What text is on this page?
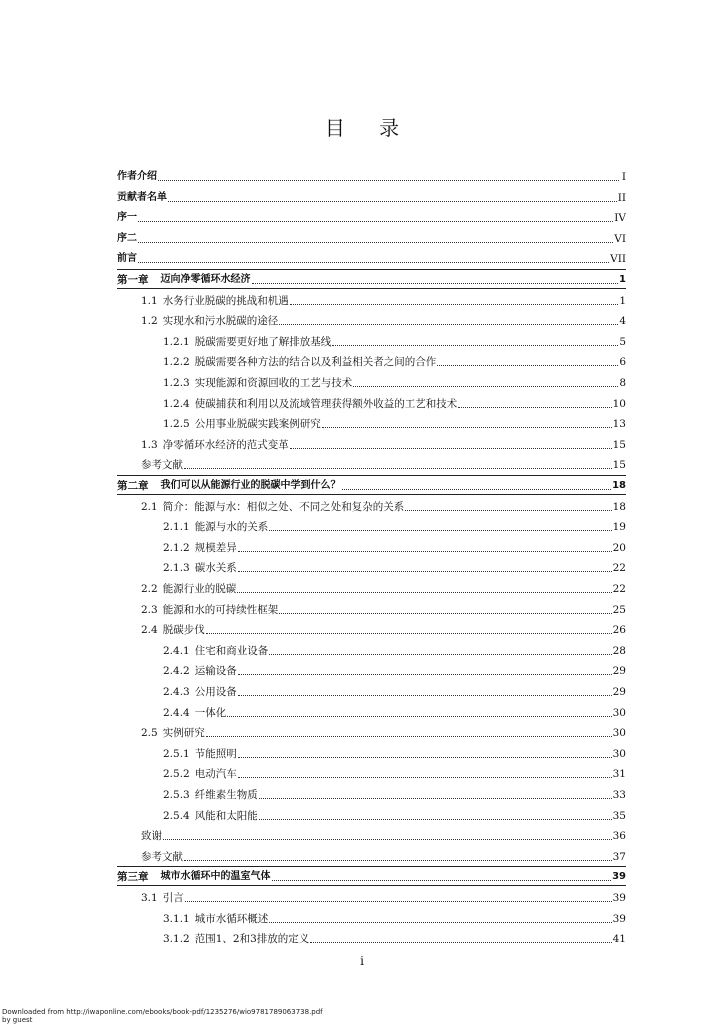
目 录
作者介绍	I
贡献者名单	II
序一	IV
序二	VI
前言	VII
第一章 迈向净零循环水经济	1
1.1 水务行业脱碳的挑战和机遇	1
1.2 实现水和污水脱碳的途径	4
1.2.1 脱碳需要更好地了解排放基线	5
1.2.2 脱碳需要各种方法的结合以及利益相关者之间的合作	6
1.2.3 实现能源和资源回收的工艺与技术	8
1.2.4 使碳捕获和利用以及流域管理获得额外收益的工艺和技术	10
1.2.5 公用事业脱碳实践案例研究	13
1.3 净零循环水经济的范式变革	15
参考文献	15
第二章 我们可以从能源行业的脱碳中学到什么？	18
2.1 简介：能源与水：相似之处、不同之处和复杂的关系	18
2.1.1 能源与水的关系	19
2.1.2 规模差异	20
2.1.3 碳水关系	22
2.2 能源行业的脱碳	22
2.3 能源和水的可持续性框架	25
2.4 脱碳步伐	26
2.4.1 住宅和商业设备	28
2.4.2 运输设备	29
2.4.3 公用设备	29
2.4.4 一体化	30
2.5 实例研究	30
2.5.1 节能照明	30
2.5.2 电动汽车	31
2.5.3 纤维素生物质	33
2.5.4 风能和太阳能	35
致谢	36
参考文献	37
第三章 城市水循环中的温室气体	39
3.1 引言	39
3.1.1 城市水循环概述	39
3.1.2 范围1、2和3排放的定义	41
i
Downloaded from http://iwaponline.com/ebooks/book-pdf/1235276/wio9781789063738.pdf
by guest
